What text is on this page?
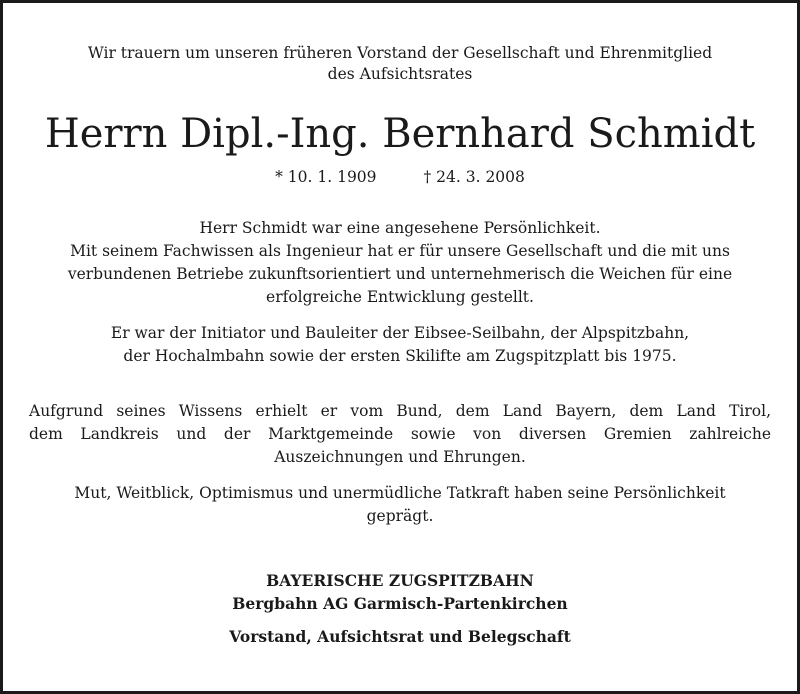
Wir trauern um unseren früheren Vorstand der Gesellschaft und Ehrenmitglied
des Aufsichtsrates
Herrn Dipl.-Ing. Bernhard Schmidt
* 10. 1. 1909	† 24. 3. 2008
Herr Schmidt war eine angesehene Persönlichkeit.
Mit seinem Fachwissen als Ingenieur hat er für unsere Gesellschaft und die mit uns
verbundenen Betriebe zukunftsorientiert und unternehmerisch die Weichen für eine
erfolgreiche Entwicklung gestellt.
Er war der Initiator und Bauleiter der Eibsee-Seilbahn, der Alpspitzbahn,
der Hochalmbahn sowie der ersten Skilifte am Zugspitzplatt bis 1975.
Aufgrund seines Wissens erhielt er vom Bund, dem Land Bayern, dem Land Tirol,
dem Landkreis und der Marktgemeinde sowie von diversen Gremien zahlreiche
Auszeichnungen und Ehrungen.
Mut, Weitblick, Optimismus und unermüdliche Tatkraft haben seine Persönlichkeit
geprägt.
BAYERISCHE ZUGSPITZBAHN
Bergbahn AG Garmisch-Partenkirchen
Vorstand, Aufsichtsrat und Belegschaft
